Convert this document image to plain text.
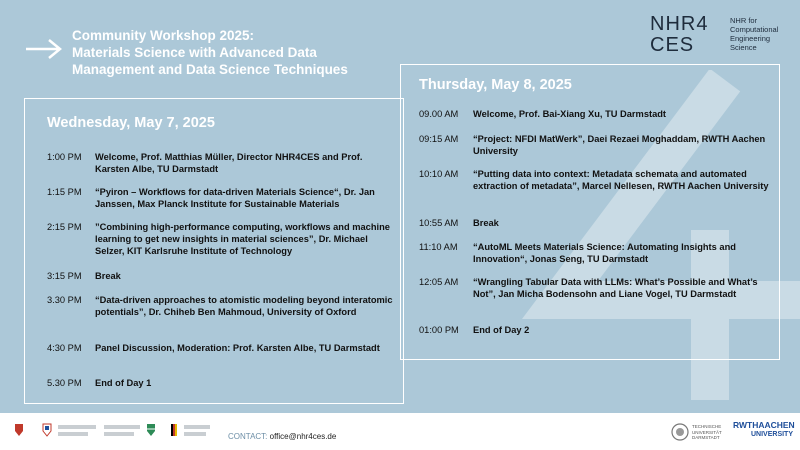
Community Workshop 2025:
Materials Science with Advanced Data
Management and Data Science Techniques
NHR4
CES
NHR for
Computational
Engineering
Science
Wednesday, May 7, 2025
1:00 PM	Welcome, Prof. Matthias Müller, Director NHR4CES and Prof. Karsten Albe, TU Darmstadt
1:15 PM	“Pyiron – Workflows for data-driven Materials Science“, Dr. Jan Janssen, Max Planck Institute for Sustainable Materials
2:15 PM	”Combining high-performance computing, workflows and machine learning to get new insights in material sciences”, Dr. Michael Selzer, KIT Karlsruhe Institute of Technology
3:15 PM	Break
3.30 PM	“Data-driven approaches to atomistic modeling beyond interatomic potentials”, Dr. Chiheb Ben Mahmoud, University of Oxford
4:30 PM	Panel Discussion, Moderation: Prof. Karsten Albe, TU Darmstadt
5.30 PM	End of Day 1
Thursday, May 8, 2025
09.00 AM	Welcome, Prof. Bai-Xiang Xu, TU Darmstadt
09:15 AM	“Project: NFDI MatWerk”, Daei Rezaei Moghaddam, RWTH Aachen University
10:10 AM	“Putting data into context: Metadata schemata and automated extraction of metadata”, Marcel Nellesen, RWTH Aachen University
10:55 AM	Break
11:10 AM	“AutoML Meets Materials Science: Automating Insights and Innovation“, Jonas Seng, TU Darmstadt
12:05 AM	“Wrangling Tabular Data with LLMs: What’s Possible and What’s Not”, Jan Micha Bodensohn and Liane Vogel, TU Darmstadt
01:00 PM	End of Day 2
CONTACT: office@nhr4ces.de
TECHNISCHE
UNIVERSITÄT
DARMSTADT
RWTHAACHEN
UNIVERSITY
